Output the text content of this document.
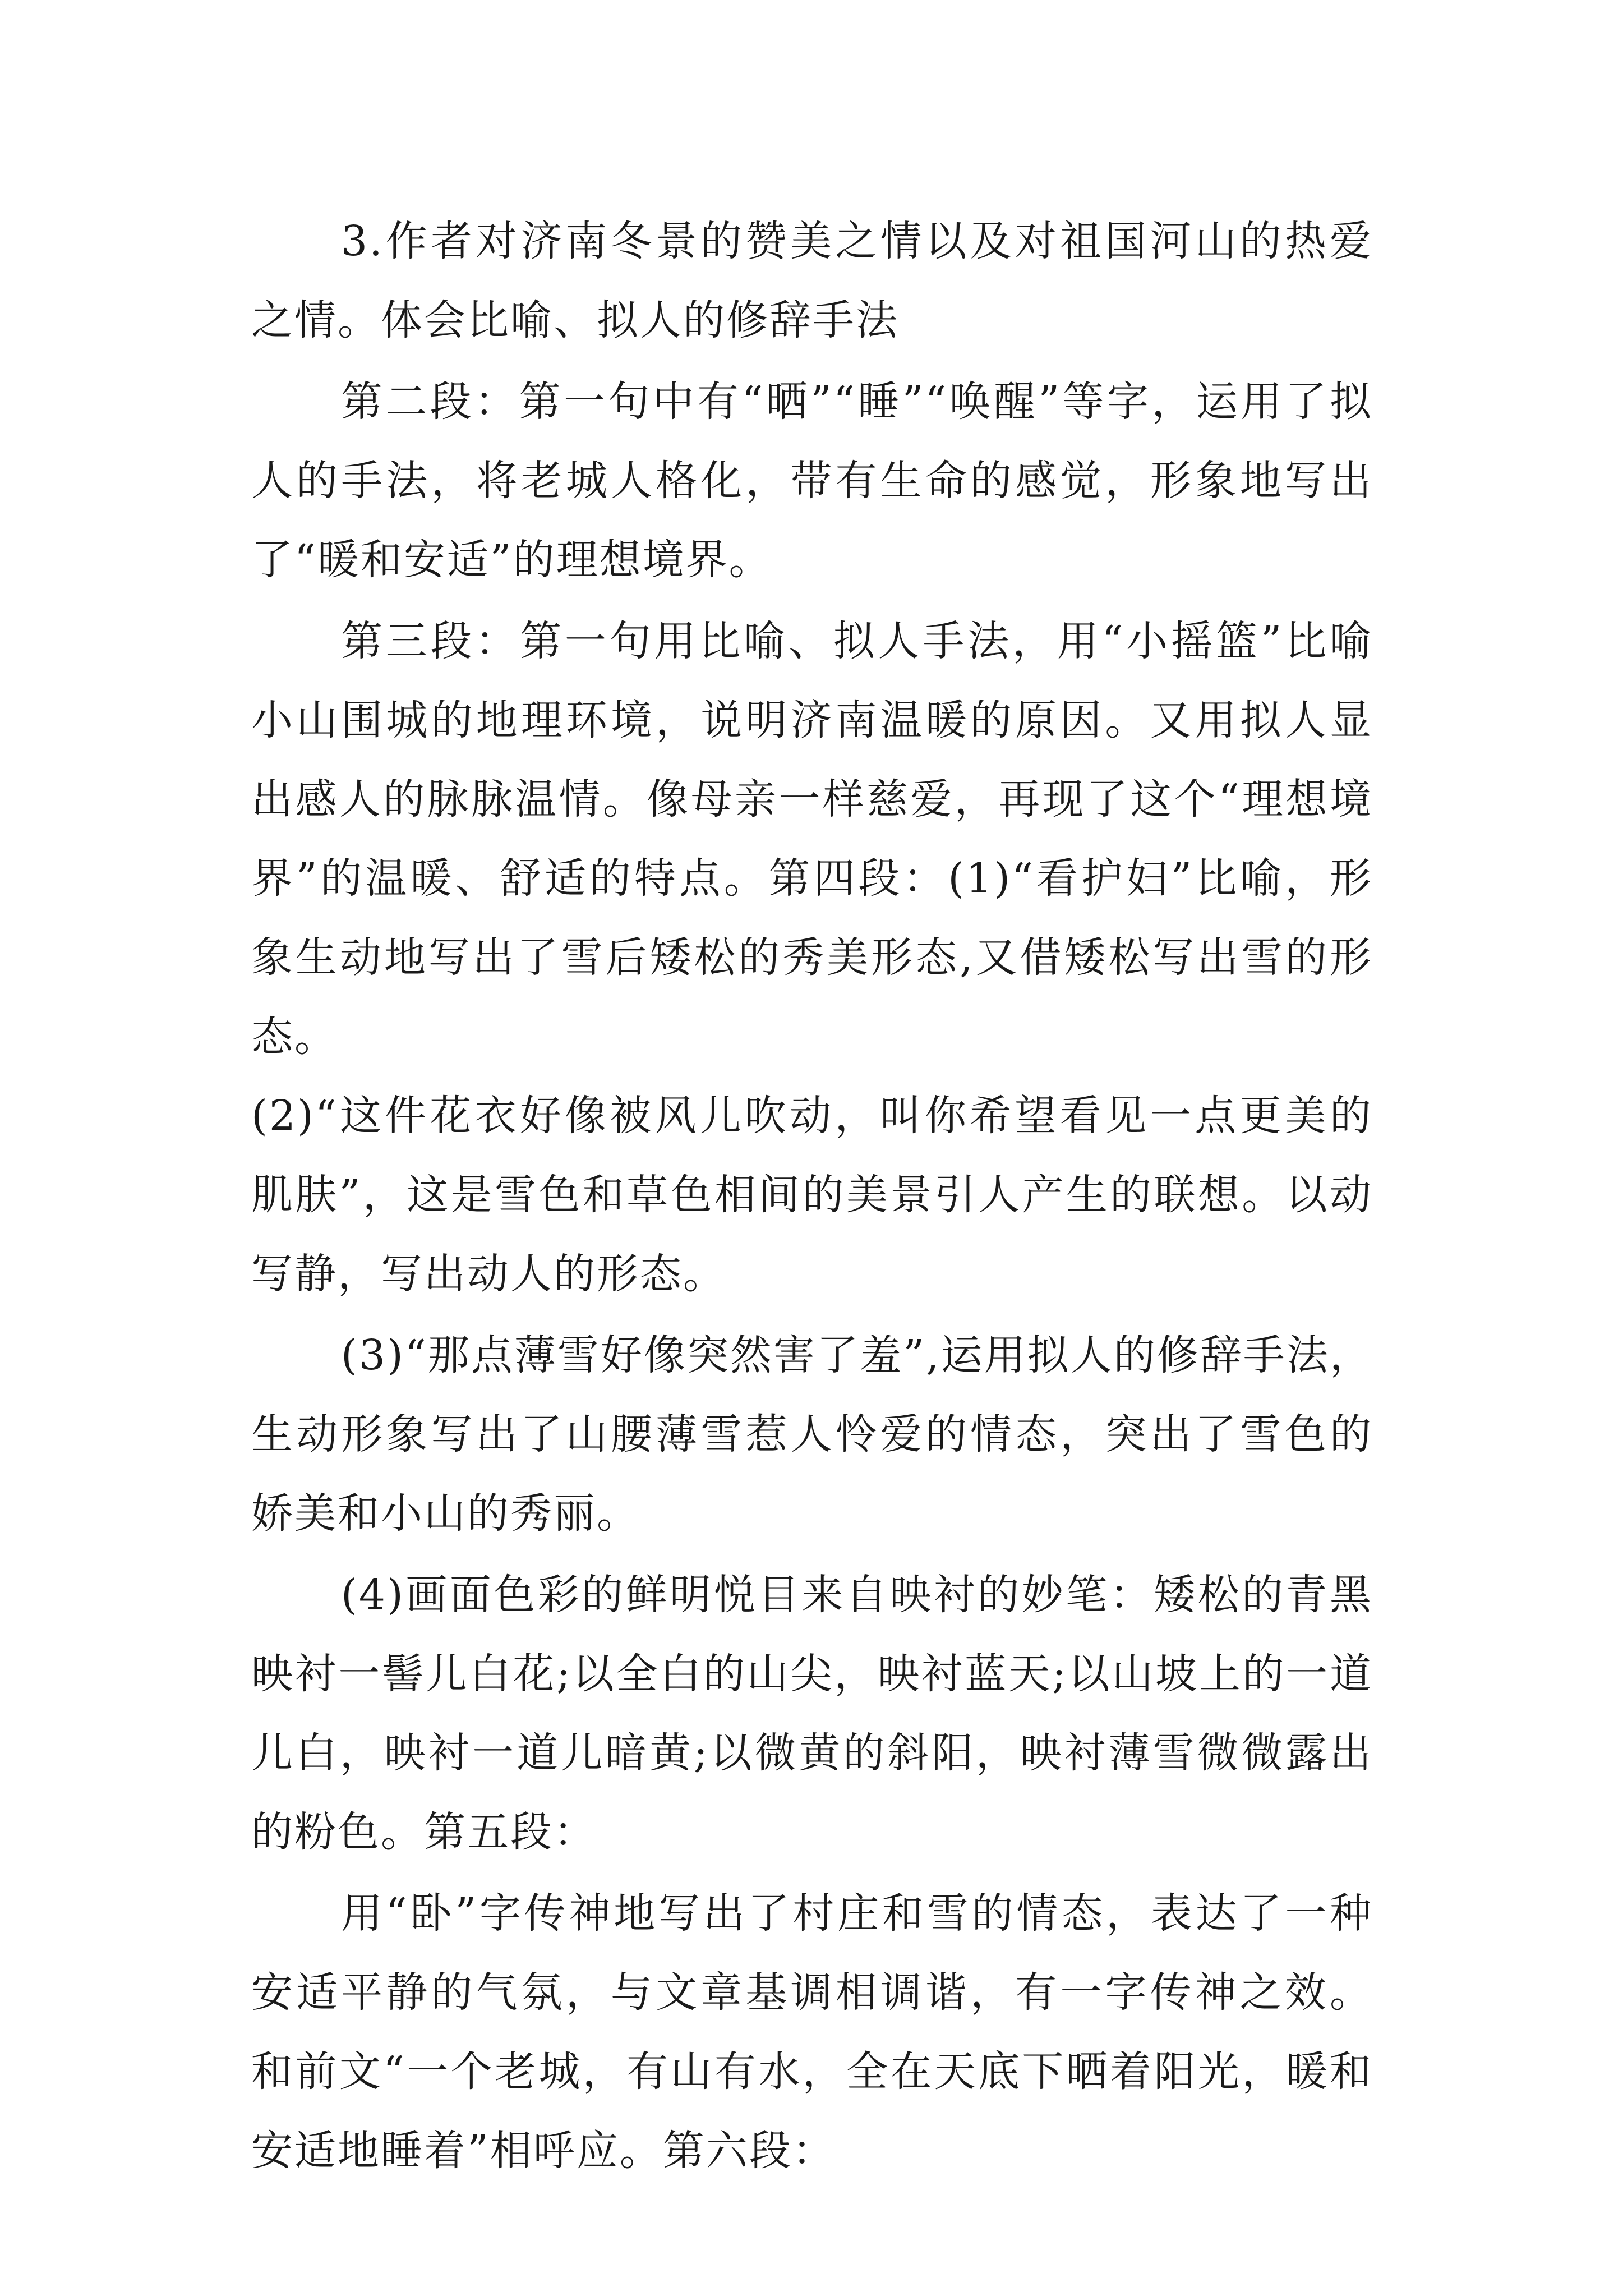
3.作者对济南冬景的赞美之情以及对祖国河山的热爱之情。体会比喻、拟人的修辞手法

第二段：第一句中有“晒”“睡”“唤醒”等字，运用了拟人的手法，将老城人格化，带有生命的感觉，形象地写出了“暖和安适”的理想境界。

第三段：第一句用比喻、拟人手法，用“小摇篮”比喻小山围城的地理环境，说明济南温暖的原因。又用拟人显出感人的脉脉温情。像母亲一样慈爱，再现了这个“理想境界”的温暖、舒适的特点。第四段：(1)“看护妇”比喻，形象生动地写出了雪后矮松的秀美形态,又借矮松写出雪的形态。

(2)“这件花衣好像被风儿吹动，叫你希望看见一点更美的肌肤”，这是雪色和草色相间的美景引人产生的联想。以动写静，写出动人的形态。

(3)“那点薄雪好像突然害了羞”,运用拟人的修辞手法，生动形象写出了山腰薄雪惹人怜爱的情态，突出了雪色的娇美和小山的秀丽。

(4)画面色彩的鲜明悦目来自映衬的妙笔：矮松的青黑映衬一髻儿白花;以全白的山尖，映衬蓝天;以山坡上的一道儿白，映衬一道儿暗黄;以微黄的斜阳，映衬薄雪微微露出的粉色。第五段：

用“卧”字传神地写出了村庄和雪的情态，表达了一种安适平静的气氛，与文章基调相调谐，有一字传神之效。和前文“一个老城，有山有水，全在天底下晒着阳光，暖和安适地睡着”相呼应。第六段：
